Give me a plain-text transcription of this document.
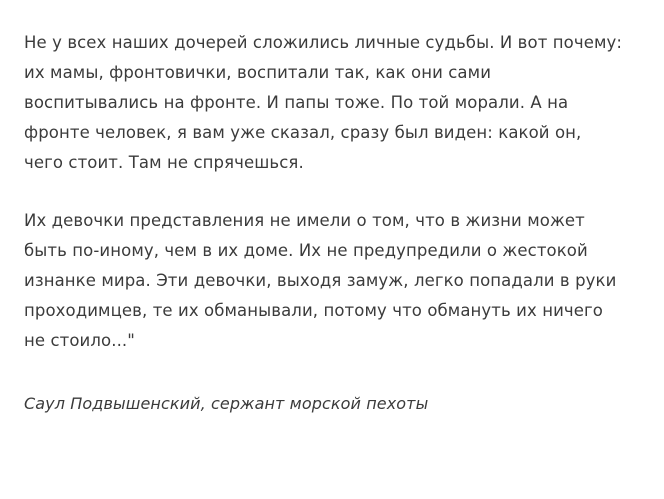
Не у всех наших дочерей сложились личные судьбы. И вот почему: их мамы, фронтовички, воспитали так, как они сами воспитывались на фронте. И папы тоже. По той морали. А на фронте человек, я вам уже сказал, сразу был виден: какой он, чего стоит. Там не спрячешься.

Их девочки представления не имели о том, что в жизни может быть по-иному, чем в их доме. Их не предупредили о жестокой изнанке мира. Эти девочки, выходя замуж, легко попадали в руки проходимцев, те их обманывали, потому что обмануть их ничего не стоило..."

Саул Подвышенский, сержант морской пехоты
